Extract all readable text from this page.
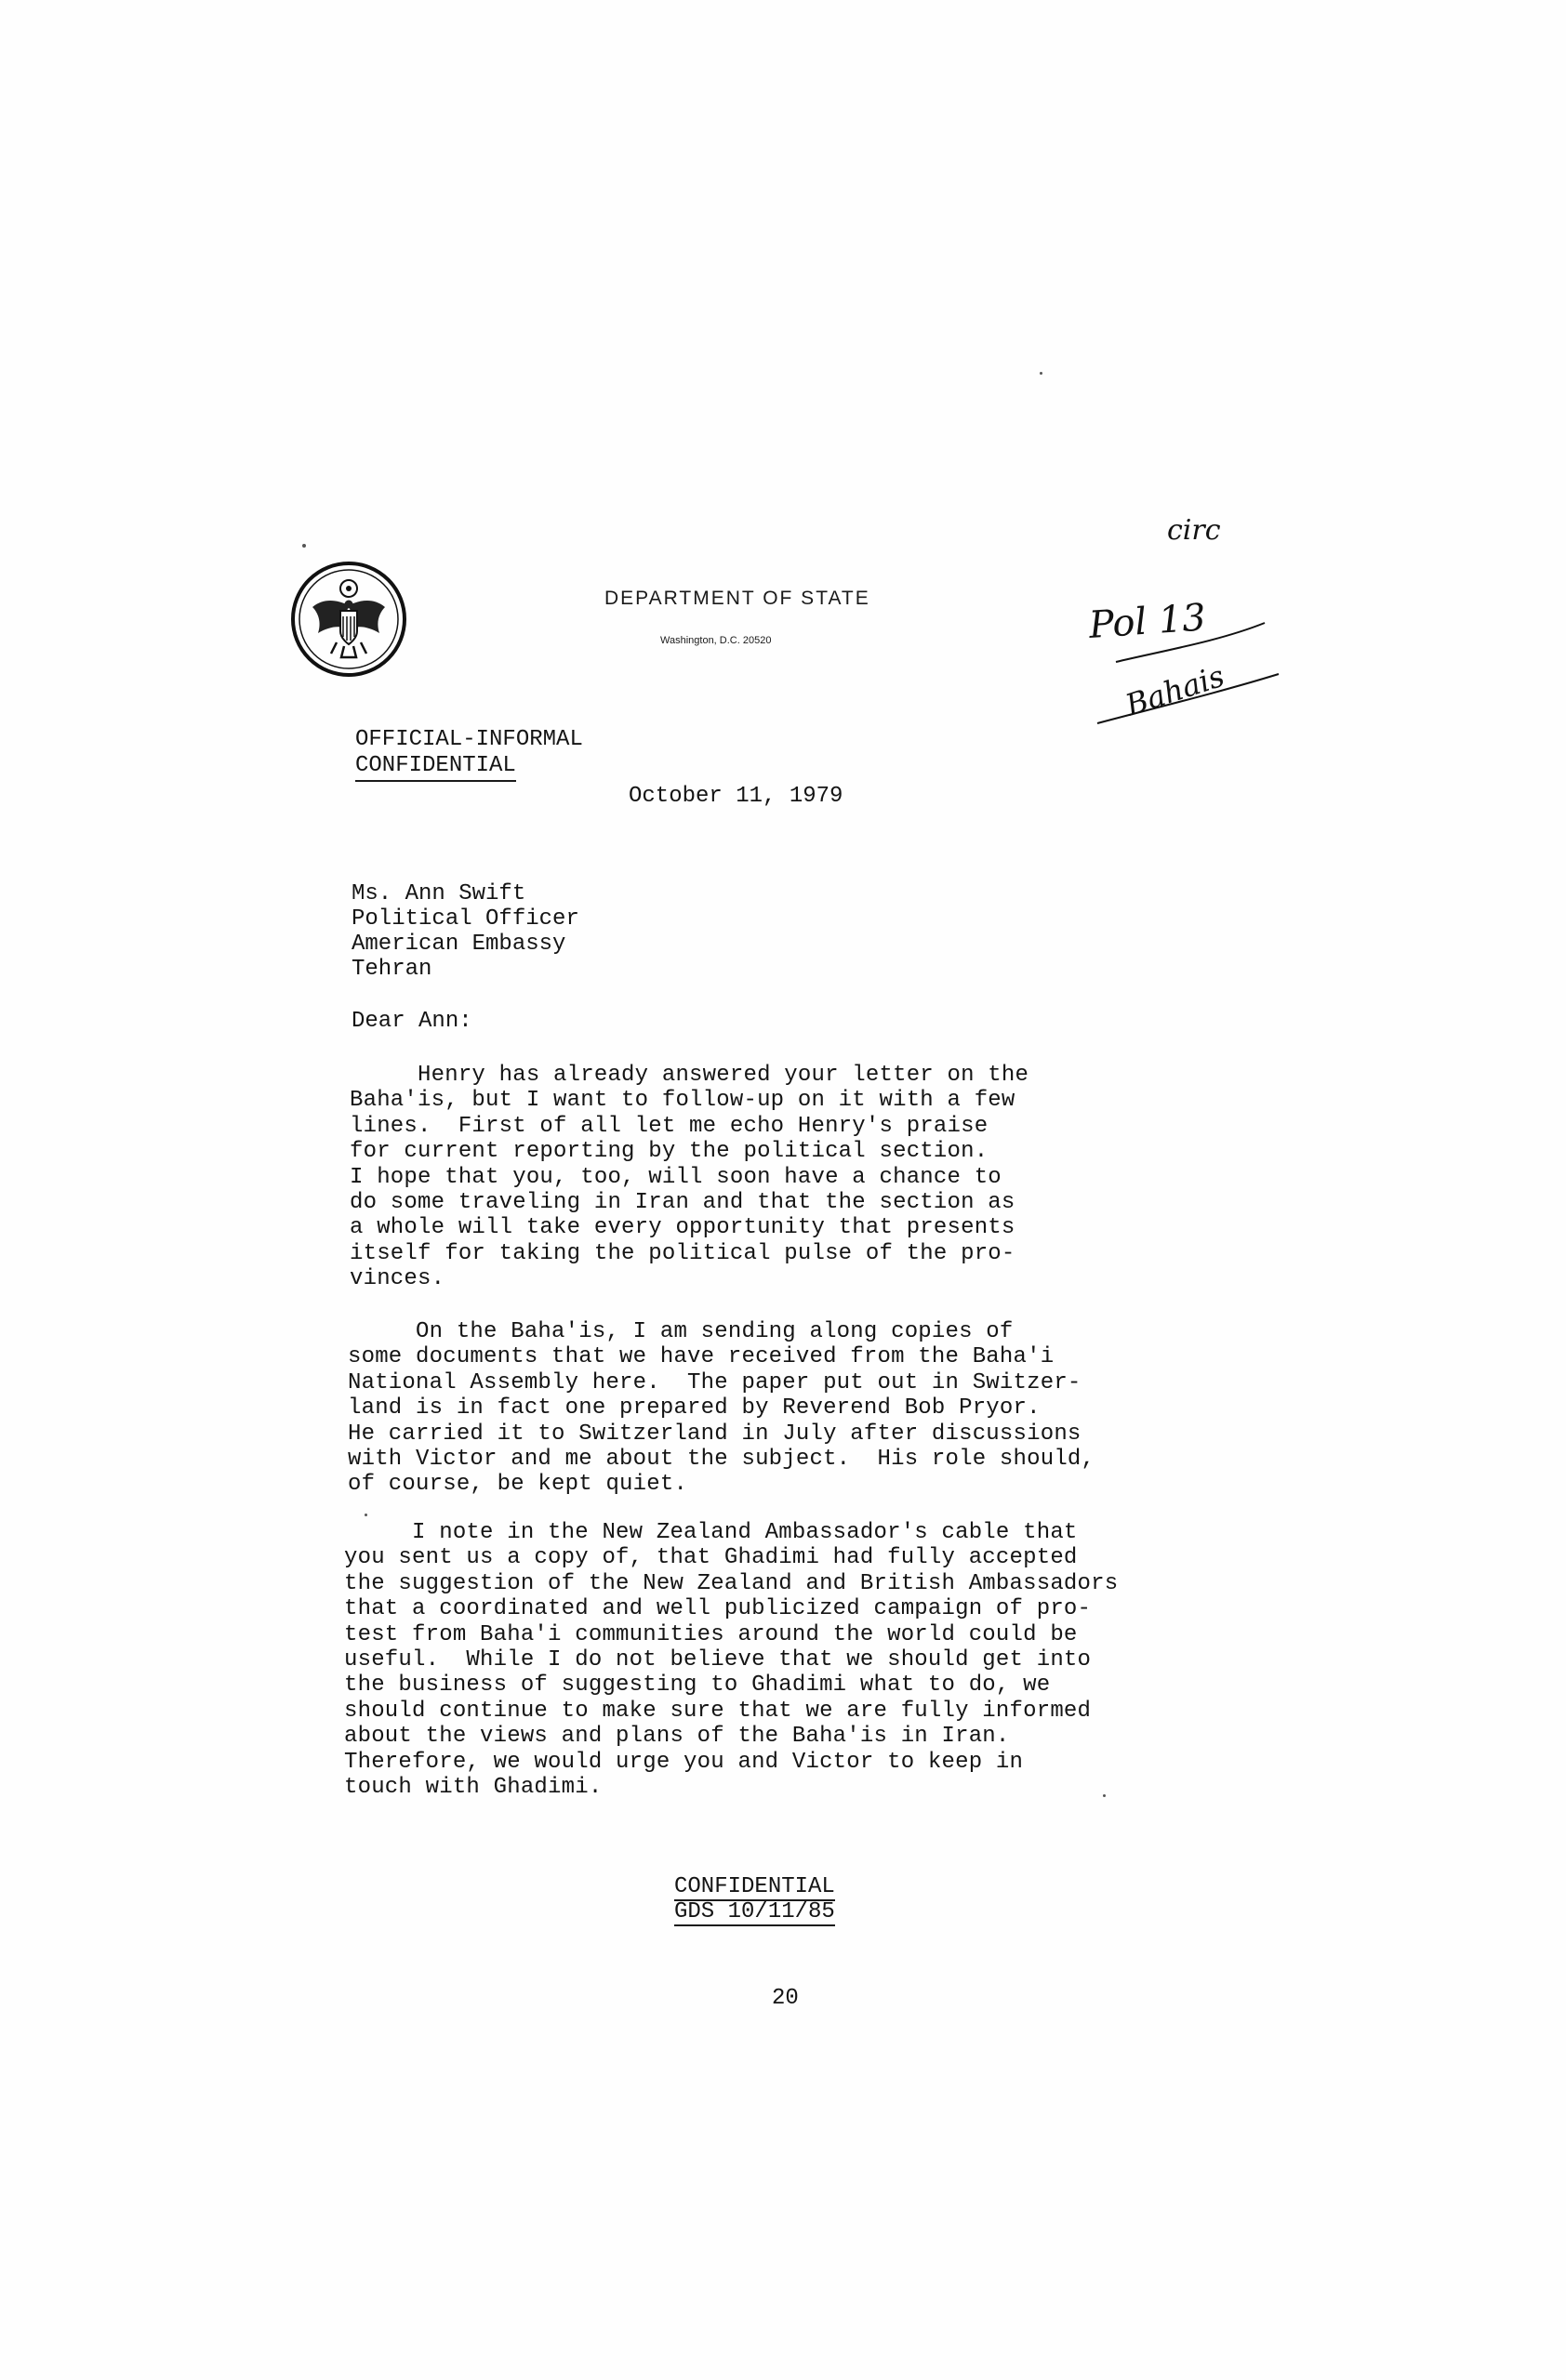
DEPARTMENT OF STATE
Washington, D.C. 20520
circ
Pol 13
Bahais
OFFICIAL-INFORMAL
CONFIDENTIAL
October 11, 1979
Ms. Ann Swift
Political Officer
American Embassy
Tehran
Dear Ann:
Henry has already answered your letter on the
Baha'is, but I want to follow-up on it with a few
lines.  First of all let me echo Henry's praise
for current reporting by the political section.
I hope that you, too, will soon have a chance to
do some traveling in Iran and that the section as
a whole will take every opportunity that presents
itself for taking the political pulse of the pro-
vinces.
On the Baha'is, I am sending along copies of
some documents that we have received from the Baha'i
National Assembly here.  The paper put out in Switzer-
land is in fact one prepared by Reverend Bob Pryor.
He carried it to Switzerland in July after discussions
with Victor and me about the subject.  His role should,
of course, be kept quiet.
I note in the New Zealand Ambassador's cable that
you sent us a copy of, that Ghadimi had fully accepted
the suggestion of the New Zealand and British Ambassadors
that a coordinated and well publicized campaign of pro-
test from Baha'i communities around the world could be
useful.  While I do not believe that we should get into
the business of suggesting to Ghadimi what to do, we
should continue to make sure that we are fully informed
about the views and plans of the Baha'is in Iran.
Therefore, we would urge you and Victor to keep in
touch with Ghadimi.
CONFIDENTIAL
GDS 10/11/85
20
